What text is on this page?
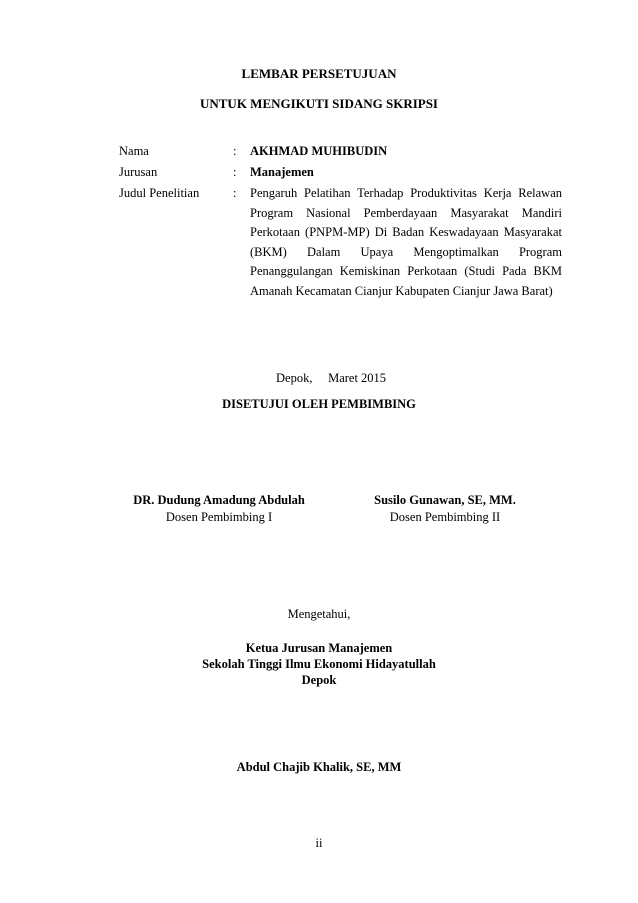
LEMBAR PERSETUJUAN
UNTUK MENGIKUTI SIDANG SKRIPSI
Nama	: AKHMAD MUHIBUDIN
Jurusan	: Manajemen
Judul Penelitian	: Pengaruh Pelatihan Terhadap Produktivitas Kerja Relawan Program Nasional Pemberdayaan Masyarakat Mandiri Perkotaan (PNPM-MP) Di Badan Keswadayaan Masyarakat (BKM) Dalam Upaya Mengoptimalkan Program Penanggulangan Kemiskinan Perkotaan (Studi Pada BKM Amanah Kecamatan Cianjur Kabupaten Cianjur Jawa Barat)
Depok,     Maret 2015
DISETUJUI OLEH PEMBIMBING
DR. Dudung Amadung Abdulah
Dosen Pembimbing I
Susilo Gunawan, SE, MM.
Dosen Pembimbing II
Mengetahui,
Ketua Jurusan Manajemen
Sekolah Tinggi Ilmu Ekonomi Hidayatullah
Depok
Abdul Chajib Khalik, SE, MM
ii
